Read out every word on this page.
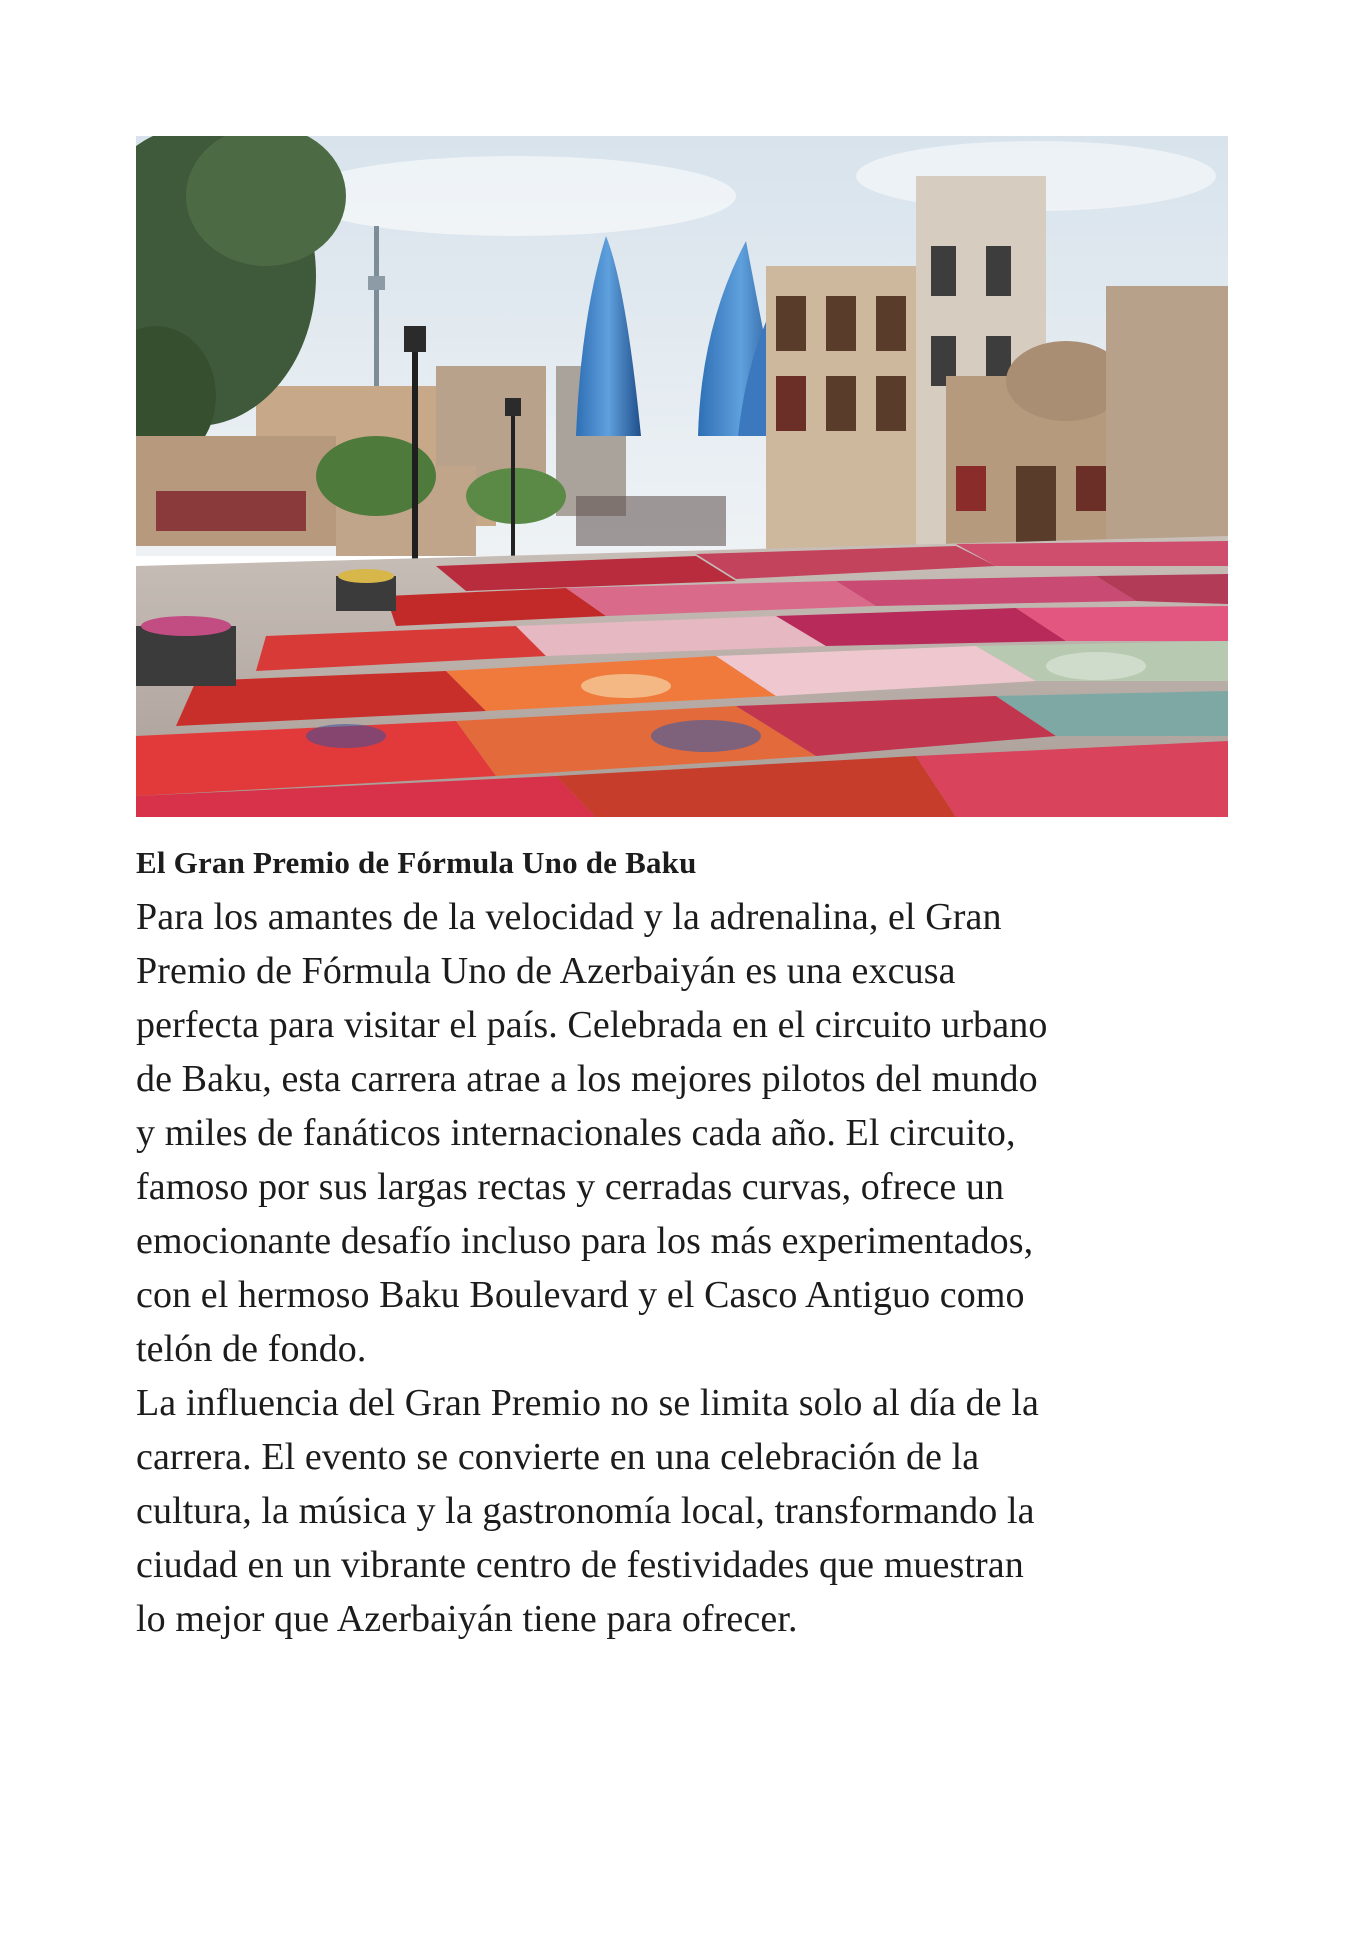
El Gran Premio de Fórmula Uno de Baku

Para los amantes de la velocidad y la adrenalina, el Gran
Premio de Fórmula Uno de Azerbaiyán es una excusa
perfecta para visitar el país. Celebrada en el circuito urbano
de Baku, esta carrera atrae a los mejores pilotos del mundo
y miles de fanáticos internacionales cada año. El circuito,
famoso por sus largas rectas y cerradas curvas, ofrece un
emocionante desafío incluso para los más experimentados,
con el hermoso Baku Boulevard y el Casco Antiguo como
telón de fondo.

La influencia del Gran Premio no se limita solo al día de la
carrera. El evento se convierte en una celebración de la
cultura, la música y la gastronomía local, transformando la
ciudad en un vibrante centro de festividades que muestran
lo mejor que Azerbaiyán tiene para ofrecer.
